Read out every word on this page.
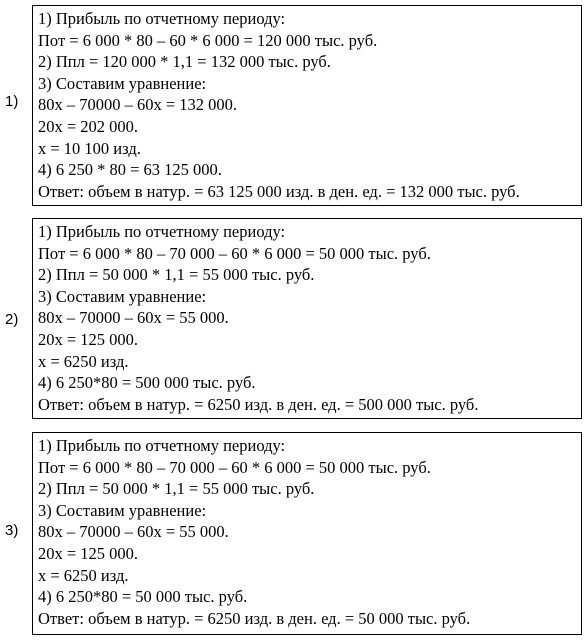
1)
1) Прибыль по отчетному периоду:
Пот = 6 000 * 80 – 60 * 6 000 = 120 000 тыс. руб.
2) Ппл = 120 000 * 1,1 = 132 000 тыс. руб.
3) Составим уравнение:
80х – 70000 – 60х = 132 000.
20х = 202 000.
х = 10 100 изд.
4) 6 250 * 80 = 63 125 000.
Ответ: объем в натур. = 63 125 000 изд. в ден. ед. = 132 000 тыс. руб.
2)
1) Прибыль по отчетному периоду:
Пот = 6 000 * 80 – 70 000 – 60 * 6 000 = 50 000 тыс. руб.
2) Ппл = 50 000 * 1,1 = 55 000 тыс. руб.
3) Составим уравнение:
80х – 70000 – 60х = 55 000.
20х = 125 000.
х = 6250 изд.
4) 6 250*80 = 500 000 тыс. руб.
Ответ: объем в натур. = 6250 изд. в ден. ед. = 500 000 тыс. руб.
3)
1) Прибыль по отчетному периоду:
Пот = 6 000 * 80 – 70 000 – 60 * 6 000 = 50 000 тыс. руб.
2) Ппл = 50 000 * 1,1 = 55 000 тыс. руб.
3) Составим уравнение:
80х – 70000 – 60х = 55 000.
20х = 125 000.
х = 6250 изд.
4) 6 250*80 = 50 000 тыс. руб.
Ответ: объем в натур. = 6250 изд. в ден. ед. = 50 000 тыс. руб.
